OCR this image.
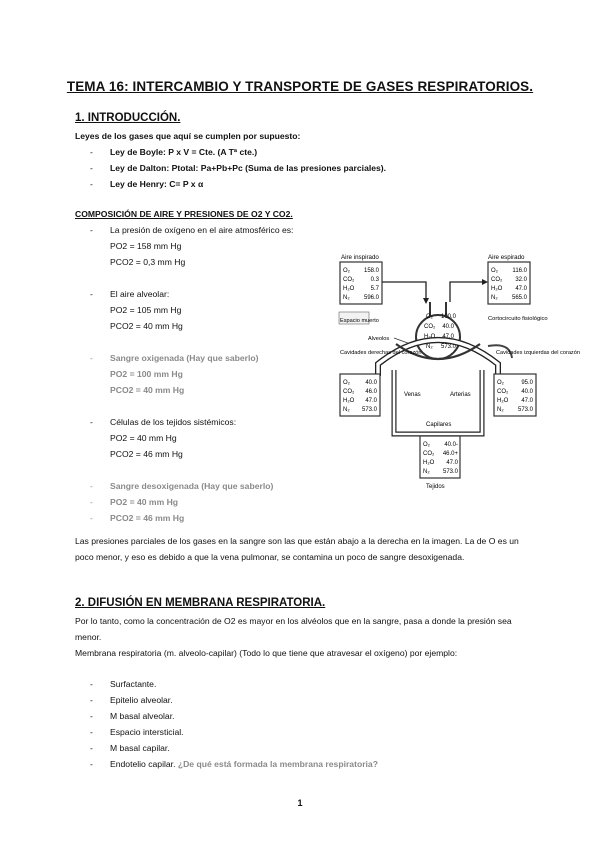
TEMA 16: INTERCAMBIO Y TRANSPORTE DE GASES RESPIRATORIOS.
1. INTRODUCCIÓN.
Leyes de los gases que aquí se cumplen por supuesto:
- Ley de Boyle: P x V = Cte. (A Tª cte.)
- Ley de Dalton: Ptotal: Pa+Pb+Pc (Suma de las presiones parciales).
- Ley de Henry: C= P x α
COMPOSICIÓN DE AIRE Y PRESIONES DE O2 Y CO2.
- La presión de oxígeno en el aire atmosférico es:
PO2 = 158 mm Hg
PCO2 = 0,3 mm Hg
- El aire alveolar:
PO2 = 105 mm Hg
PCO2 = 40 mm Hg
- Sangre oxigenada (Hay que saberlo)
PO2 = 100 mm Hg
PCO2 = 40 mm Hg
- Células de los tejidos sistémicos:
PO2 = 40 mm Hg
PCO2 = 46 mm Hg
- Sangre desoxigenada (Hay que saberlo)
- PO2 = 40 mm Hg
- PCO2 = 46 mm Hg
Las presiones parciales de los gases en la sangre son las que están abajo a la derecha en la imagen. La de O es un poco menor, y eso es debido a que la vena pulmonar, se contamina un poco de sangre desoxigenada.
2. DIFUSIÓN EN MEMBRANA RESPIRATORIA.
Por lo tanto, como la concentración de O2 es mayor en los alvéolos que en la sangre, pasa a donde la presión sea menor.
Membrana respiratoria (m. alveolo-capilar) (Todo lo que tiene que atravesar el oxígeno) por ejemplo:
- Surfactante.
- Epitelio alveolar.
- M basal alveolar.
- Espacio intersticial.
- M basal capilar.
- Endotelio capilar. ¿De qué está formada la membrana respiratoria?
Aire inspirado
O₂ 158.0
CO₂	0.3
H₂O	5.7
N₂ 596.0
Aire espirado
O₂ 116.0
CO₂ 32.0
H₂O 47.0
N₂ 565.0
O₂ 100.0
CO₂ 40.0
H₂O 47.0
N₂ 573.0
Espacio muerto
Alveolos
Cortocircuito fisiológico
Cavidades derechas del corazón	Cavidades izquierdas del corazón
O₂	40.0
CO₂ 46.0
H₂O 47.0
N₂ 573.0
O₂	95.0
CO₂ 40.0
H₂O 47.0
N₂ 573.0
Venas	Arterias
Capilares
O₂ 40.0-
CO₂ 46.0+
H₂O 47.0
N₂ 573.0
Tejidos
1
